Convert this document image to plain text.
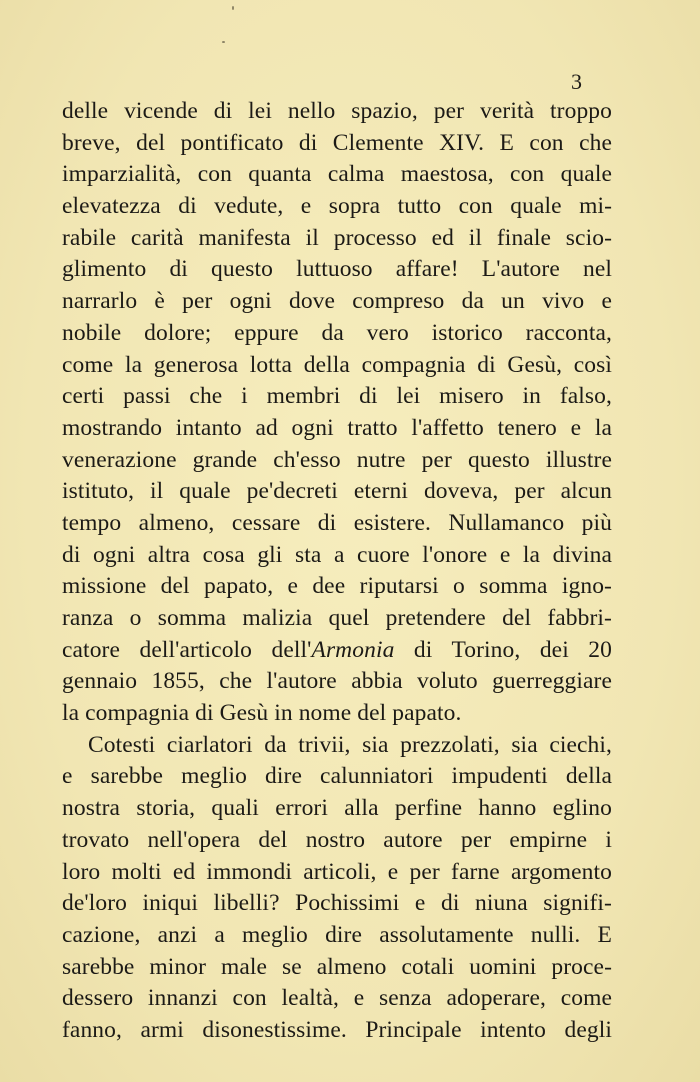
3
delle vicende di lei nello spazio, per verità troppo
breve, del pontificato di Clemente XIV. E con che
imparzialità, con quanta calma maestosa, con quale
elevatezza di vedute, e sopra tutto con quale mi-
rabile carità manifesta il processo ed il finale scio-
glimento di questo luttuoso affare! L'autore nel
narrarlo è per ogni dove compreso da un vivo e
nobile dolore; eppure da vero istorico racconta,
come la generosa lotta della compagnia di Gesù, così
certi passi che i membri di lei misero in falso,
mostrando intanto ad ogni tratto l'affetto tenero e la
venerazione grande ch'esso nutre per questo illustre
istituto, il quale pe'decreti eterni doveva, per alcun
tempo almeno, cessare di esistere. Nullamanco più
di ogni altra cosa gli sta a cuore l'onore e la divina
missione del papato, e dee riputarsi o somma igno-
ranza o somma malizia quel pretendere del fabbri-
catore dell'articolo dell'Armonia di Torino, dei 20
gennaio 1855, che l'autore abbia voluto guerreggiare
la compagnia di Gesù in nome del papato.
Cotesti ciarlatori da trivii, sia prezzolati, sia ciechi,
e sarebbe meglio dire calunniatori impudenti della
nostra storia, quali errori alla perfine hanno eglino
trovato nell'opera del nostro autore per empirne i
loro molti ed immondi articoli, e per farne argomento
de'loro iniqui libelli? Pochissimi e di niuna signifi-
cazione, anzi a meglio dire assolutamente nulli. E
sarebbe minor male se almeno cotali uomini proce-
dessero innanzi con lealtà, e senza adoperare, come
fanno, armi disonestissime. Principale intento degli
